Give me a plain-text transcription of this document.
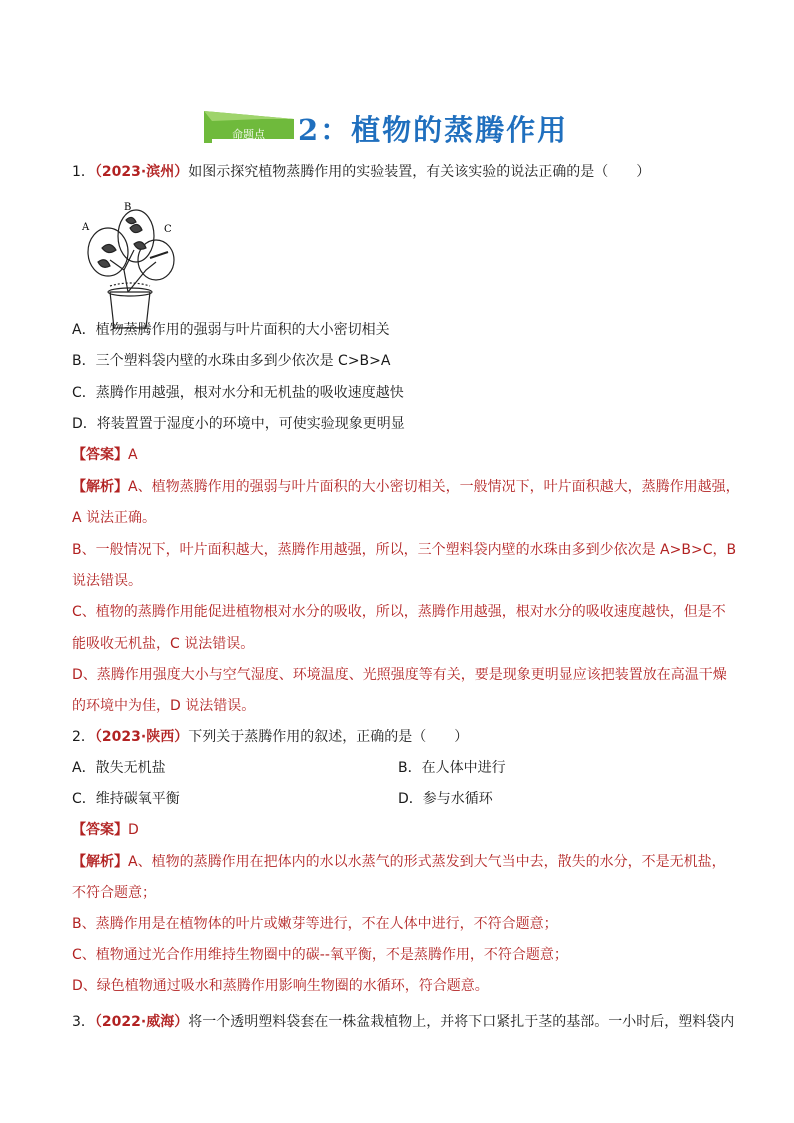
命题点 2：植物的蒸腾作用
1．（2023·滨州）如图示探究植物蒸腾作用的实验装置，有关该实验的说法正确的是（　　）
A
B
C
A．植物蒸腾作用的强弱与叶片面积的大小密切相关
B．三个塑料袋内壁的水珠由多到少依次是 C>B>A
C．蒸腾作用越强，根对水分和无机盐的吸收速度越快
D．将装置置于湿度小的环境中，可使实验现象更明显
【答案】A
【解析】A、植物蒸腾作用的强弱与叶片面积的大小密切相关，一般情况下，叶片面积越大，蒸腾作用越强，
A 说法正确。
B、一般情况下，叶片面积越大，蒸腾作用越强，所以，三个塑料袋内壁的水珠由多到少依次是 A>B>C，B
说法错误。
C、植物的蒸腾作用能促进植物根对水分的吸收，所以，蒸腾作用越强，根对水分的吸收速度越快，但是不
能吸收无机盐，C 说法错误。
D、蒸腾作用强度大小与空气湿度、环境温度、光照强度等有关，要是现象更明显应该把装置放在高温干燥
的环境中为佳，D 说法错误。
2．（2023·陕西）下列关于蒸腾作用的叙述，正确的是（　　）
A．散失无机盐	B．在人体中进行
C．维持碳氧平衡	D．参与水循环
【答案】D
【解析】A、植物的蒸腾作用在把体内的水以水蒸气的形式蒸发到大气当中去，散失的水分，不是无机盐，
不符合题意；
B、蒸腾作用是在植物体的叶片或嫩芽等进行，不在人体中进行，不符合题意；
C、植物通过光合作用维持生物圈中的碳--氧平衡，不是蒸腾作用，不符合题意；
D、绿色植物通过吸水和蒸腾作用影响生物圈的水循环，符合题意。
3．（2022·威海）将一个透明塑料袋套在一株盆栽植物上，并将下口紧扎于茎的基部。一小时后，塑料袋内
